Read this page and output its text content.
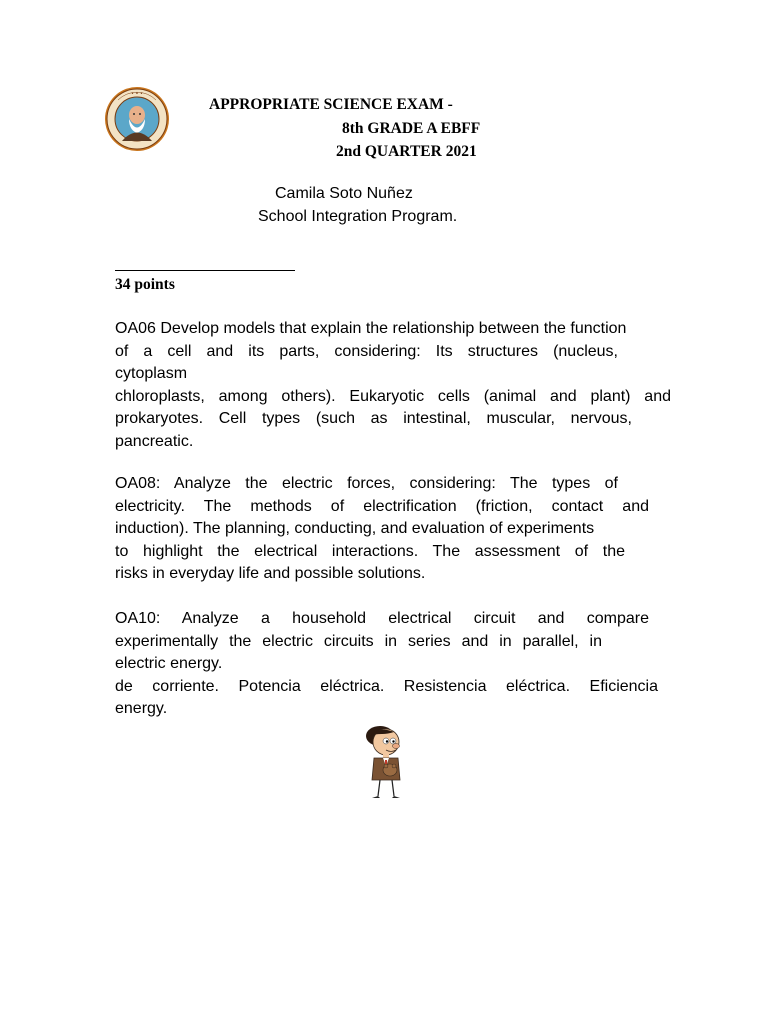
• • •
APPROPRIATE SCIENCE EXAM -
8th GRADE A EBFF
2nd QUARTER 2021
Camila Soto Nuñez
School Integration Program.
34 points
OA06 Develop models that explain the relationship between the function
of a cell and its parts, considering: Its structures (nucleus,
cytoplasm
chloroplasts, among others). Eukaryotic cells (animal and plant) and
prokaryotes. Cell types (such as intestinal, muscular, nervous,
pancreatic.
OA08: Analyze the electric forces, considering: The types of
electricity. The methods of electrification (friction, contact and
induction). The planning, conducting, and evaluation of experiments
to highlight the electrical interactions. The assessment of the
risks in everyday life and possible solutions.
OA10: Analyze a household electrical circuit and compare
experimentally the electric circuits in series and in parallel, in
electric energy.
de corriente. Potencia eléctrica. Resistencia eléctrica. Eficiencia
energy.
